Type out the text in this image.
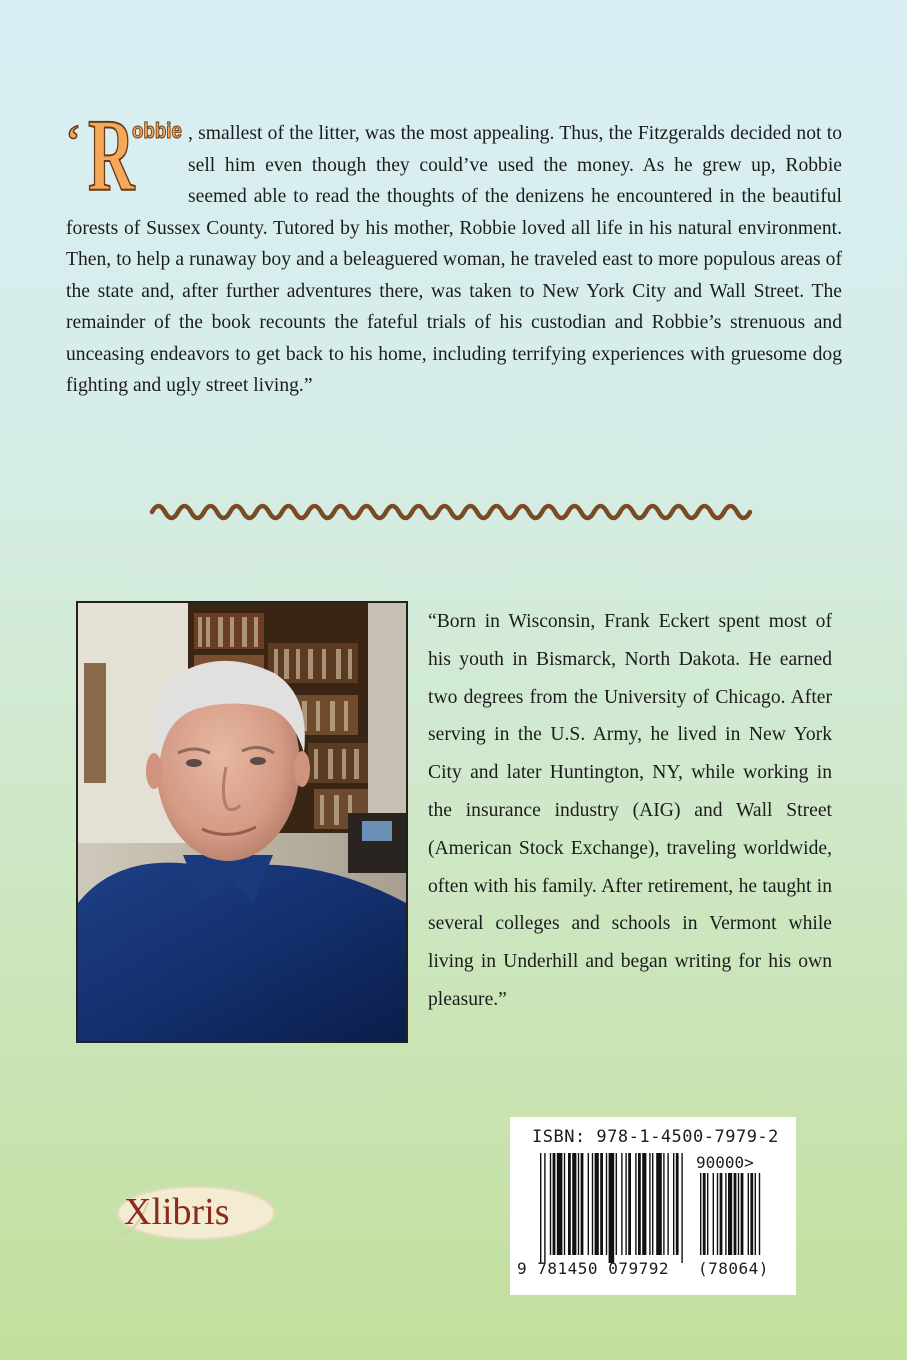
‘ R
obbie , smallest of the litter, was the most appealing. Thus, the Fitzgeralds decided not to sell him even though they could’ve used the money. As he grew up, Robbie seemed able to read the thoughts of the denizens he encountered in the beautiful forests of Sussex County. Tutored by his mother, Robbie loved all life in his natural environment. Then, to help a runaway boy and a beleaguered woman, he traveled east to more populous areas of the state and, after further adventures there, was taken to New York City and Wall Street. The remainder of the book recounts the fateful trials of his custodian and Robbie’s strenuous and unceasing endeavors to get back to his home, including terrifying experiences with gruesome dog fighting and ugly street living.”

“Born in Wisconsin, Frank Eckert spent most of his youth in Bismarck, North Dakota. He earned two degrees from the University of Chicago. After serving in the U.S. Army, he lived in New York City and later Huntington, NY, while working in the insurance industry (AIG) and Wall Street (American Stock Exchange), traveling worldwide, often with his family. After retirement, he taught in several colleges and schools in Vermont while living in Underhill and began writing for his own pleasure.”

Xlibris
ISBN: 978-1-4500-7979-2
90000>
9 781450 079792 (78064)
